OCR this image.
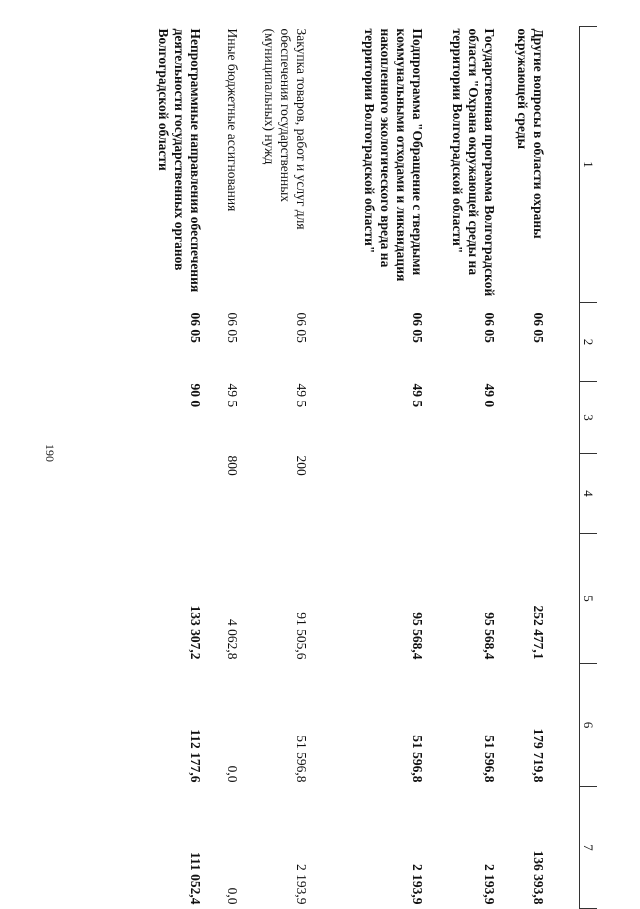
190
1	2	3	4	5	6	7

Другие вопросы в области охраны окружающей среды	06 05			252 477,1	179 719,8	136 393,8
Государственная программа Волгоградской области "Охрана окружающей среды на территории Волгоградской области"	06 05	49 0		95 568,4	51 596,8	2 193,9
Подпрограмма "Обращение с твердыми коммунальными отходами и ликвидация накопленного экологического вреда на территории Волгоградской области"	06 05	49 5		95 568,4	51 596,8	2 193,9
Закупка товаров, работ и услуг для обеспечения государственных (муниципальных) нужд	06 05	49 5	200	91 505,6	51 596,8	2 193,9
Иные бюджетные ассигнования	06 05	49 5	800	4 062,8	0,0	0,0
Непрограммные направления обеспечения деятельности государственных органов Волгоградской области	06 05	90 0		133 307,2	112 177,6	111 052,4
